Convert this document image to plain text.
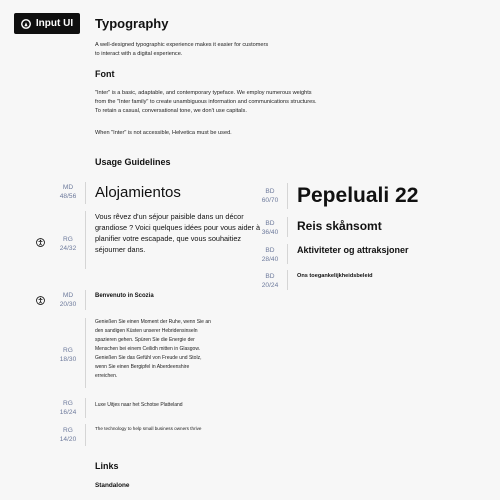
Input UI Typography
A well-designed typographic experience makes it easier for customers
to interact with a digital experience.
Font
"Inter" is a basic, adaptable, and contemporary typeface. We employ numerous weights
from the "Inter family" to create unambiguous information and communications structures.
To retain a casual, conversational tone, we don't use capitals.
When "Inter" is not accessible, Helvetica must be used.
Usage Guidelines
MD
48/56	Alojamientos
RG
24/32
Vous rêvez d'un séjour paisible dans un décor grandiose ? Voici quelques idées pour vous aider à planifier votre escapade, que vous souhaitiez séjourner dans.
MD
20/30
Benvenuto in Scozia
RG
18/30
Genießen Sie einen Moment der Ruhe, wenn Sie an
den sandigen Küsten unserer Hebridensinseln
spazieren gehen. Spüren Sie die Energie der
Menschen bei einem Ceilidh mitten in Glasgow.
Genießen Sie das Gefühl von Freude und Stolz,
wenn Sie einen Bergipfel in Aberdeenshire
erreichen.
RG
16/24
Luxe Uitjes naar het Schotse Platteland
RG
14/20
The technology to help small business owners thrive
BD
60/70 Pepeluali 22
BD
36/40	Reis skånsomt
BD
28/40
Aktiviteter og attraksjoner
BD
20/24
Ons toegankelijkheidsbeleid
Links
Standalone
